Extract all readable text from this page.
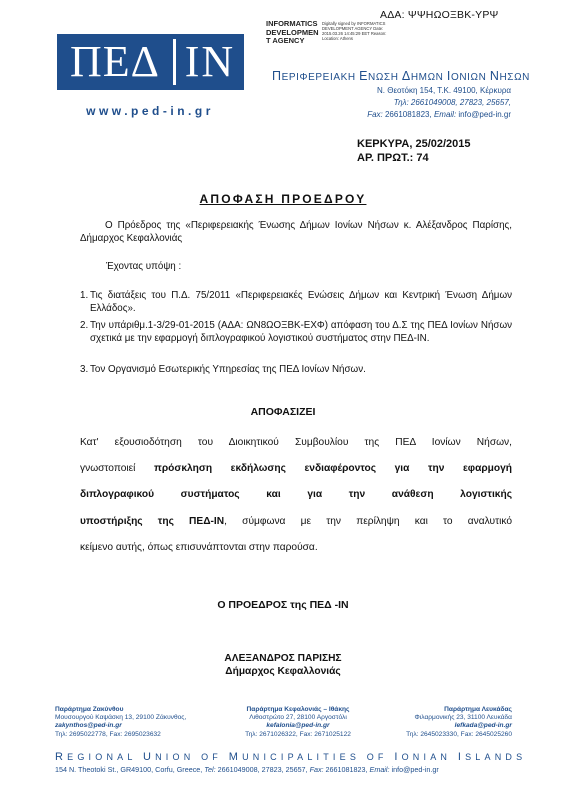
ΑΔΑ: ΨΨΗΩΟΞΒΚ-ΥΡΨ
INFORMATICS DEVELOPMEN T AGENCY
Digitally signed by INFORMATICS DEVELOPMENT AGENCY Date: 2015.03.26 14:45:29 EET Reason: Location: Athens
ΠΕΔ ΙΝ
www.ped-in.gr
ΠΕΡΙΦΕΡΕΙΑΚΗ ΕΝΩΣΗ ΔΗΜΩΝ ΙΟΝΙΩΝ ΝΗΣΩΝ
Ν. Θεοτόκη 154, Τ.Κ. 49100, Κέρκυρα
Τηλ: 2661049008, 27823, 25657,
Fax: 2661081823, Email: info@ped-in.gr
ΚΕΡΚΥΡΑ, 25/02/2015
ΑΡ. ΠΡΩΤ.: 74
ΑΠΟΦΑΣΗ ΠΡΟΕΔΡΟΥ
Ο Πρόεδρος της «Περιφερειακής Ένωσης Δήμων Ιονίων Νήσων κ. Αλέξανδρος Παρίσης, Δήμαρχος Κεφαλλονιάς
Έχοντας υπόψη :
1. Τις διατάξεις του Π.Δ. 75/2011 «Περιφερειακές Ενώσεις Δήμων και Κεντρική Ένωση Δήμων Ελλάδος».
2. Την υπάριθμ.1-3/29-01-2015 (ΑΔΑ: ΩΝ8ΩΟΞΒΚ-ΕΧΦ) απόφαση του Δ.Σ της ΠΕΔ Ιονίων Νήσων σχετικά με την εφαρμογή διπλογραφικού λογιστικού συστήματος στην ΠΕΔ-ΙΝ.
3. Τον Οργανισμό Εσωτερικής Υπηρεσίας της ΠΕΔ Ιονίων Νήσων.
ΑΠΟΦΑΣΙΖΕΙ
Κατ' εξουσιοδότηση του Διοικητικού Συμβουλίου της ΠΕΔ Ιονίων Νήσων,
γνωστοποιεί πρόσκληση εκδήλωσης ενδιαφέροντος για την εφαρμογή
διπλογραφικού συστήματος και για την ανάθεση λογιστικής
υποστήριξης της ΠΕΔ-ΙΝ, σύμφωνα με την περίληψη και το αναλυτικό
κείμενο αυτής, όπως επισυνάπτονται στην παρούσα.
Ο ΠΡΟΕΔΡΟΣ της ΠΕΔ -ΙΝ
ΑΛΕΞΑΝΔΡΟΣ ΠΑΡΙΣΗΣ
Δήμαρχος Κεφαλλονιάς
Παράρτημα Ζακύνθου
Μουσουργού Καψάσκη 13, 29100 Ζάκυνθος,
zakynthos@ped-in.gr
Τηλ: 2695022778, Fax: 2695023632
Παράρτημα Κεφαλονιάς – Ιθάκης
Λιθοστρώτο 27, 28100 Αργοστόλι
kefalonia@ped-in.gr
Τηλ: 2671026322, Fax: 2671025122
Παράρτημα Λευκάδας
Φιλαρμονικής 23, 31100 Λευκάδα
lefkada@ped-in.gr
Τηλ: 2645023330, Fax: 2645025260
REGIONAL UNION OF MUNICIPALITIES OF IONIAN ISLANDS
154 N. Theotoki St., GR49100, Corfu, Greece, Tel: 2661049008, 27823, 25657, Fax: 2661081823, Email: info@ped-in.gr
